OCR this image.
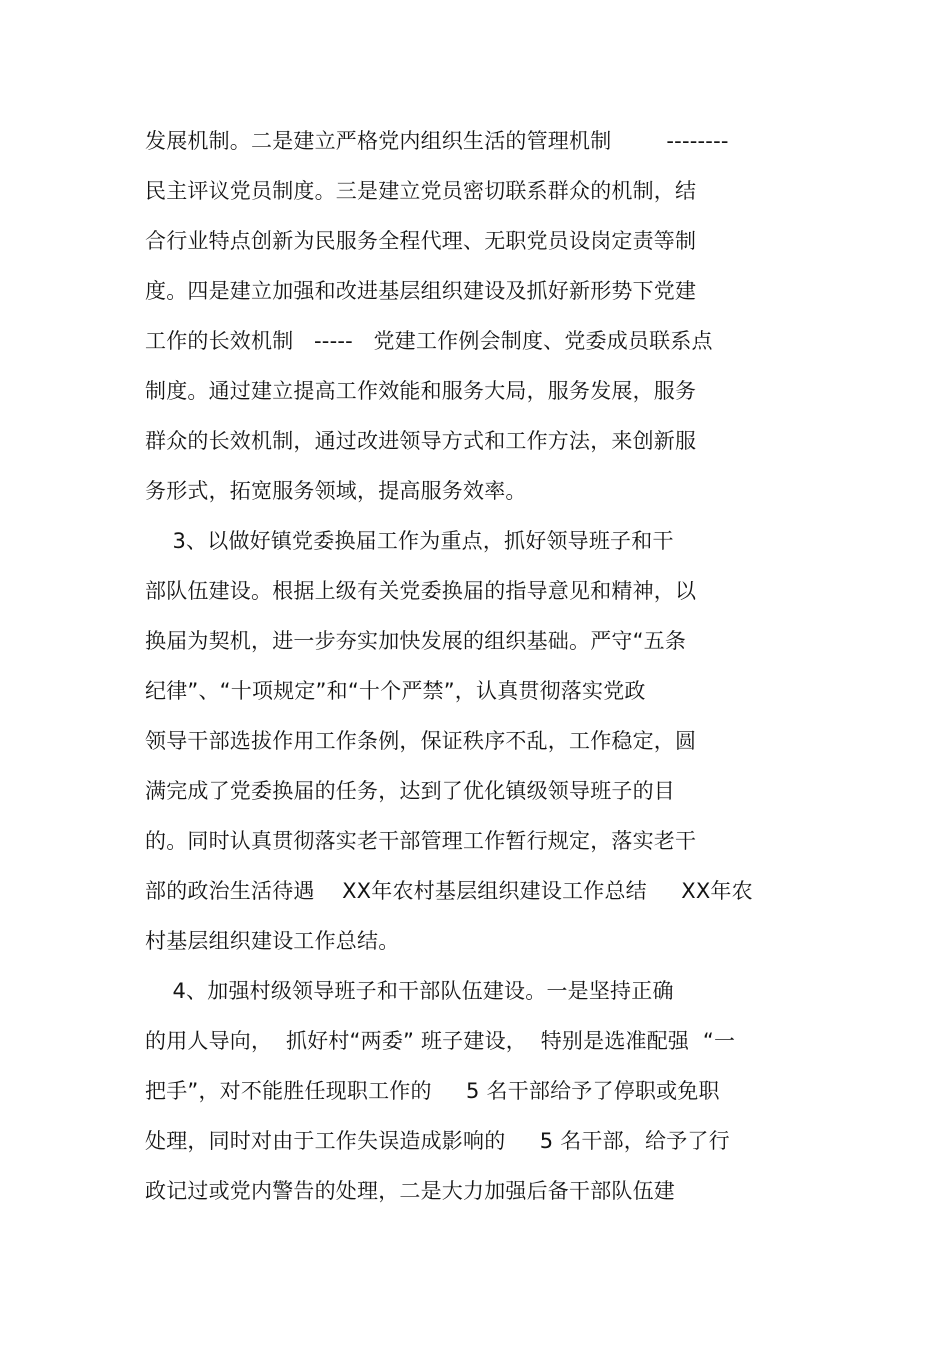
发展机制。二是建立严格党内组织生活的管理机制        --------
民主评议党员制度。三是建立党员密切联系群众的机制，结
合行业特点创新为民服务全程代理、无职党员设岗定责等制
度。四是建立加强和改进基层组织建设及抓好新形势下党建
工作的长效机制   -----   党建工作例会制度、党委成员联系点
制度。通过建立提高工作效能和服务大局，服务发展，服务
群众的长效机制，通过改进领导方式和工作方法，来创新服
务形式，拓宽服务领域，提高服务效率。
3、以做好镇党委换届工作为重点，抓好领导班子和干
部队伍建设。根据上级有关党委换届的指导意见和精神，以
换届为契机，进一步夯实加快发展的组织基础。严守“五条
纪律”、“十项规定”和“十个严禁”，认真贯彻落实党政
领导干部选拔作用工作条例，保证秩序不乱，工作稳定，圆
满完成了党委换届的任务，达到了优化镇级领导班子的目
的。同时认真贯彻落实老干部管理工作暂行规定，落实老干
部的政治生活待遇    XX年农村基层组织建设工作总结     XX年农
村基层组织建设工作总结。
4、加强村级领导班子和干部队伍建设。一是坚持正确
的用人导向，  抓好村“两委” 班子建设，  特别是选准配强  “一
把手”，对不能胜任现职工作的     5 名干部给予了停职或免职
处理，同时对由于工作失误造成影响的     5 名干部，给予了行
政记过或党内警告的处理，二是大力加强后备干部队伍建
